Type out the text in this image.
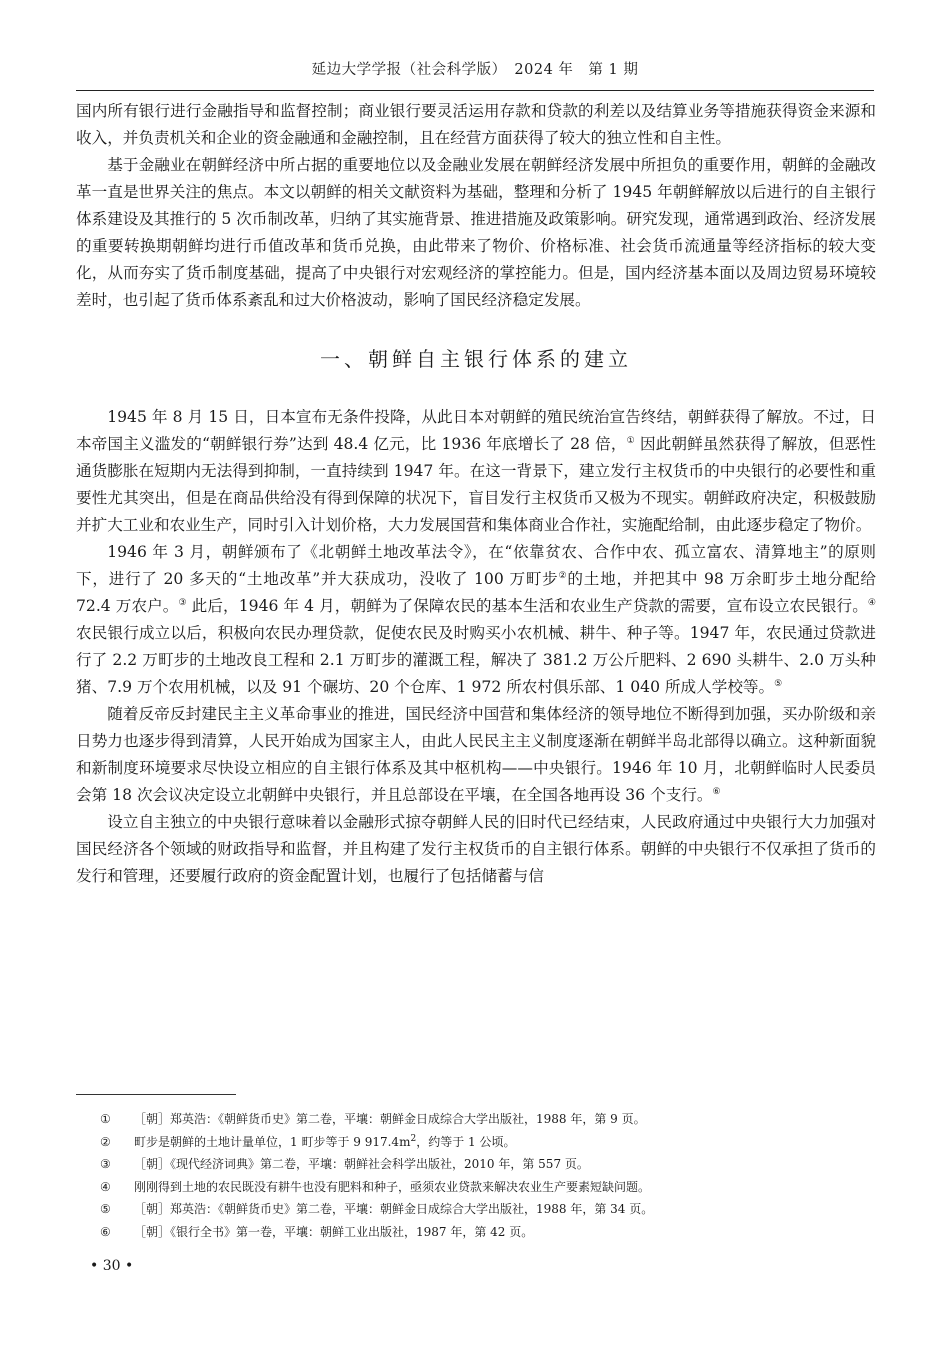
延边大学学报（社会科学版）　2024 年　第 1 期

国内所有银行进行金融指导和监督控制；商业银行要灵活运用存款和贷款的利差以及结算业务等措施获得资金来源和收入，并负责机关和企业的资金融通和金融控制，且在经营方面获得了较大的独立性和自主性。

基于金融业在朝鲜经济中所占据的重要地位以及金融业发展在朝鲜经济发展中所担负的重要作用，朝鲜的金融改革一直是世界关注的焦点。本文以朝鲜的相关文献资料为基础，整理和分析了 1945 年朝鲜解放以后进行的自主银行体系建设及其推行的 5 次币制改革，归纳了其实施背景、推进措施及政策影响。研究发现，通常遇到政治、经济发展的重要转换期朝鲜均进行币值改革和货币兑换，由此带来了物价、价格标准、社会货币流通量等经济指标的较大变化，从而夯实了货币制度基础，提高了中央银行对宏观经济的掌控能力。但是，国内经济基本面以及周边贸易环境较差时，也引起了货币体系紊乱和过大价格波动，影响了国民经济稳定发展。

一、朝鲜自主银行体系的建立

1945 年 8 月 15 日，日本宣布无条件投降，从此日本对朝鲜的殖民统治宣告终结，朝鲜获得了解放。不过，日本帝国主义滥发的“朝鲜银行券”达到 48.4 亿元，比 1936 年底增长了 28 倍，① 因此朝鲜虽然获得了解放，但恶性通货膨胀在短期内无法得到抑制，一直持续到 1947 年。在这一背景下，建立发行主权货币的中央银行的必要性和重要性尤其突出，但是在商品供给没有得到保障的状况下，盲目发行主权货币又极为不现实。朝鲜政府决定，积极鼓励并扩大工业和农业生产，同时引入计划价格，大力发展国营和集体商业合作社，实施配给制，由此逐步稳定了物价。

1946 年 3 月，朝鲜颁布了《北朝鲜土地改革法令》，在“依靠贫农、合作中农、孤立富农、清算地主”的原则下，进行了 20 多天的“土地改革”并大获成功，没收了 100 万町步②的土地，并把其中 98 万余町步土地分配给 72.4 万农户。③ 此后，1946 年 4 月，朝鲜为了保障农民的基本生活和农业生产贷款的需要，宣布设立农民银行。④ 农民银行成立以后，积极向农民办理贷款，促使农民及时购买小农机械、耕牛、种子等。1947 年，农民通过贷款进行了 2.2 万町步的土地改良工程和 2.1 万町步的灌溉工程，解决了 381.2 万公斤肥料、2 690 头耕牛、2.0 万头种猪、7.9 万个农用机械，以及 91 个碾坊、20 个仓库、1 972 所农村俱乐部、1 040 所成人学校等。⑤

随着反帝反封建民主主义革命事业的推进，国民经济中国营和集体经济的领导地位不断得到加强，买办阶级和亲日势力也逐步得到清算，人民开始成为国家主人，由此人民民主主义制度逐渐在朝鲜半岛北部得以确立。这种新面貌和新制度环境要求尽快设立相应的自主银行体系及其中枢机构——中央银行。1946 年 10 月，北朝鲜临时人民委员会第 18 次会议决定设立北朝鲜中央银行，并且总部设在平壤，在全国各地再设 36 个支行。⑥

设立自主独立的中央银行意味着以金融形式掠夺朝鲜人民的旧时代已经结束，人民政府通过中央银行大力加强对国民经济各个领域的财政指导和监督，并且构建了发行主权货币的自主银行体系。朝鲜的中央银行不仅承担了货币的发行和管理，还要履行政府的资金配置计划，也履行了包括储蓄与信

①	［朝］郑英浩：《朝鲜货币史》第二卷，平壤：朝鲜金日成综合大学出版社，1988 年，第 9 页。
②	町步是朝鲜的土地计量单位，1 町步等于 9 $917.4m^2$，约等于 1 公顷。
③	［朝］《现代经济词典》第二卷，平壤：朝鲜社会科学出版社，2010 年，第 557 页。
④	刚刚得到土地的农民既没有耕牛也没有肥料和种子，亟须农业贷款来解决农业生产要素短缺问题。
⑤	［朝］郑英浩：《朝鲜货币史》第二卷，平壤：朝鲜金日成综合大学出版社，1988 年，第 34 页。
⑥	［朝］《银行全书》第一卷，平壤：朝鲜工业出版社，1987 年，第 42 页。
• 30 •
